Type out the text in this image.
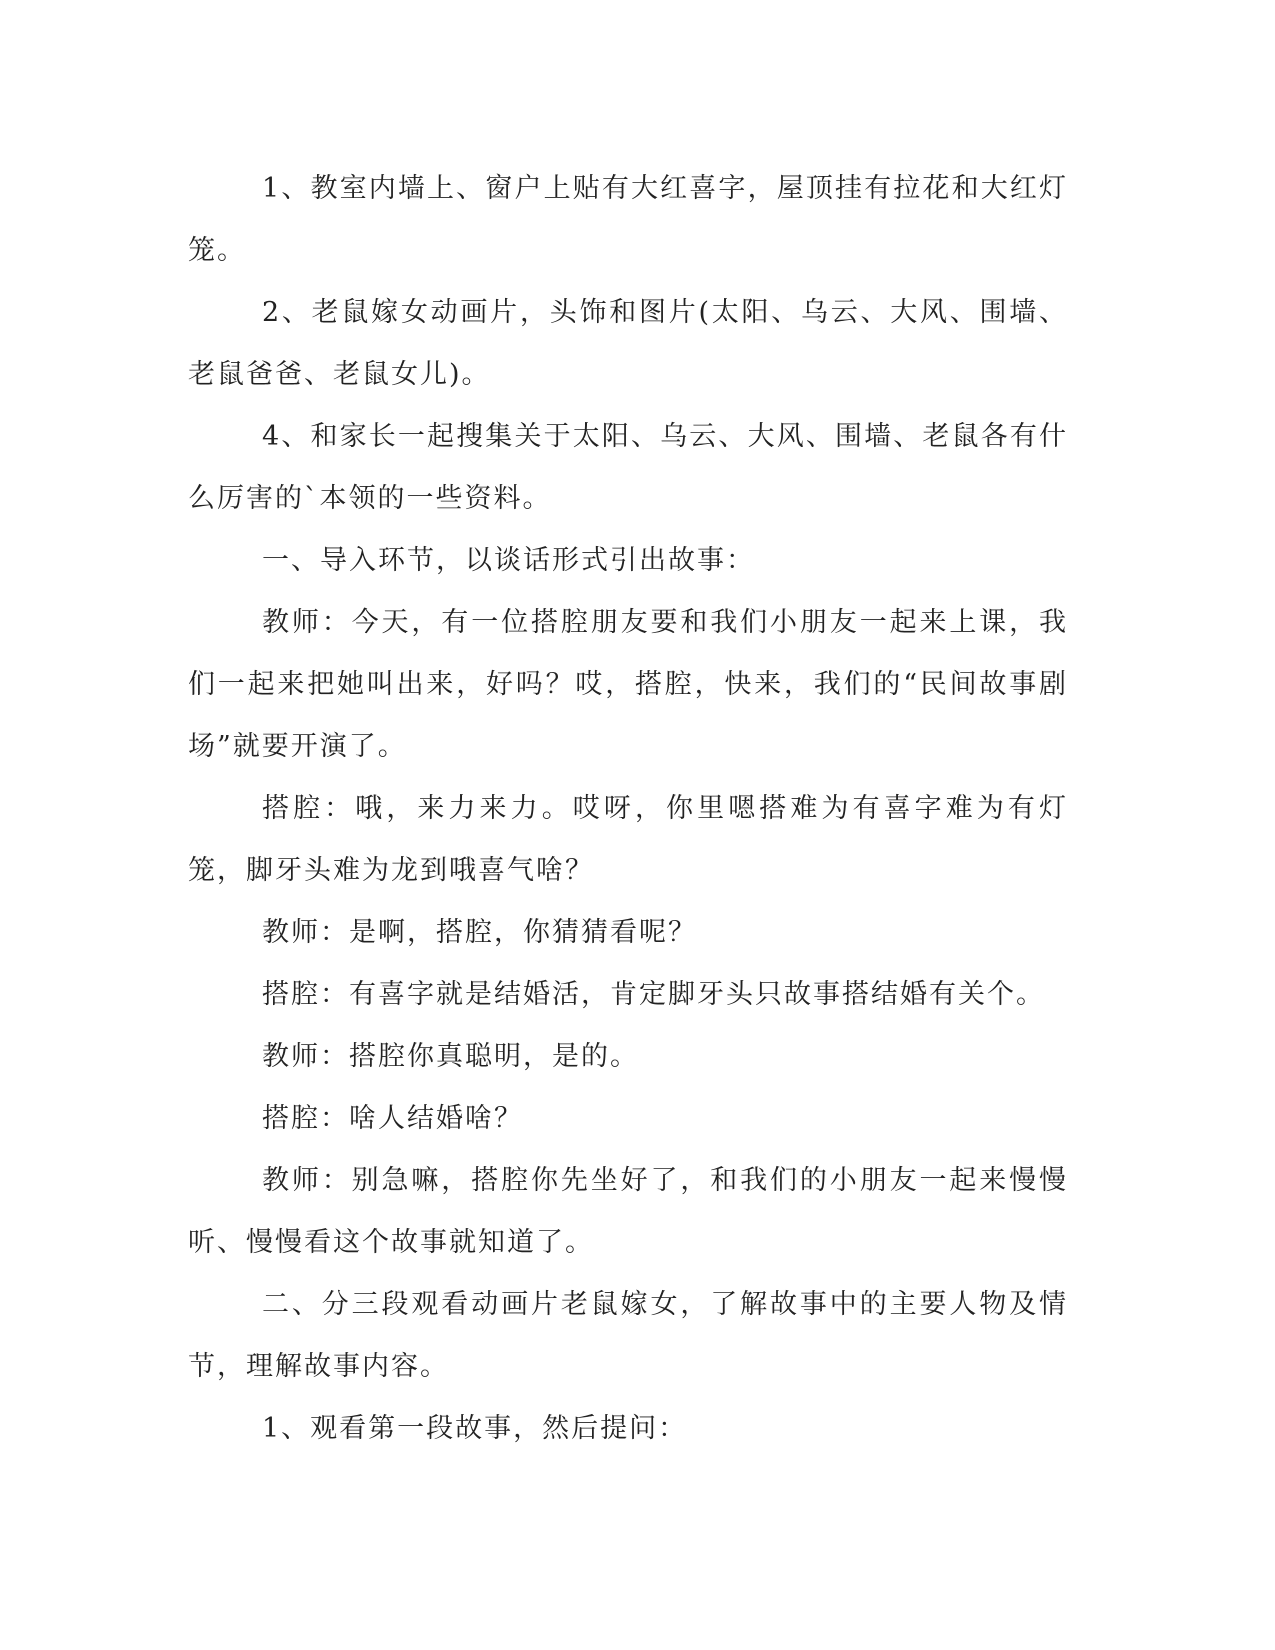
1、教室内墙上、窗户上贴有大红喜字，屋顶挂有拉花和大红灯笼。

2、老鼠嫁女动画片，头饰和图片(太阳、乌云、大风、围墙、老鼠爸爸、老鼠女儿)。

4、和家长一起搜集关于太阳、乌云、大风、围墙、老鼠各有什么厉害的`本领的一些资料。

一、导入环节，以谈话形式引出故事：

教师：今天，有一位搭腔朋友要和我们小朋友一起来上课，我们一起来把她叫出来，好吗？哎，搭腔，快来，我们的“民间故事剧场”就要开演了。

搭腔：哦，来力来力。哎呀，你里嗯搭难为有喜字难为有灯笼，脚牙头难为龙到哦喜气啥？

教师：是啊，搭腔，你猜猜看呢？

搭腔：有喜字就是结婚活，肯定脚牙头只故事搭结婚有关个。

教师：搭腔你真聪明，是的。

搭腔：啥人结婚啥？

教师：别急嘛，搭腔你先坐好了，和我们的小朋友一起来慢慢听、慢慢看这个故事就知道了。

二、分三段观看动画片老鼠嫁女，了解故事中的主要人物及情节，理解故事内容。

1、观看第一段故事，然后提问：
